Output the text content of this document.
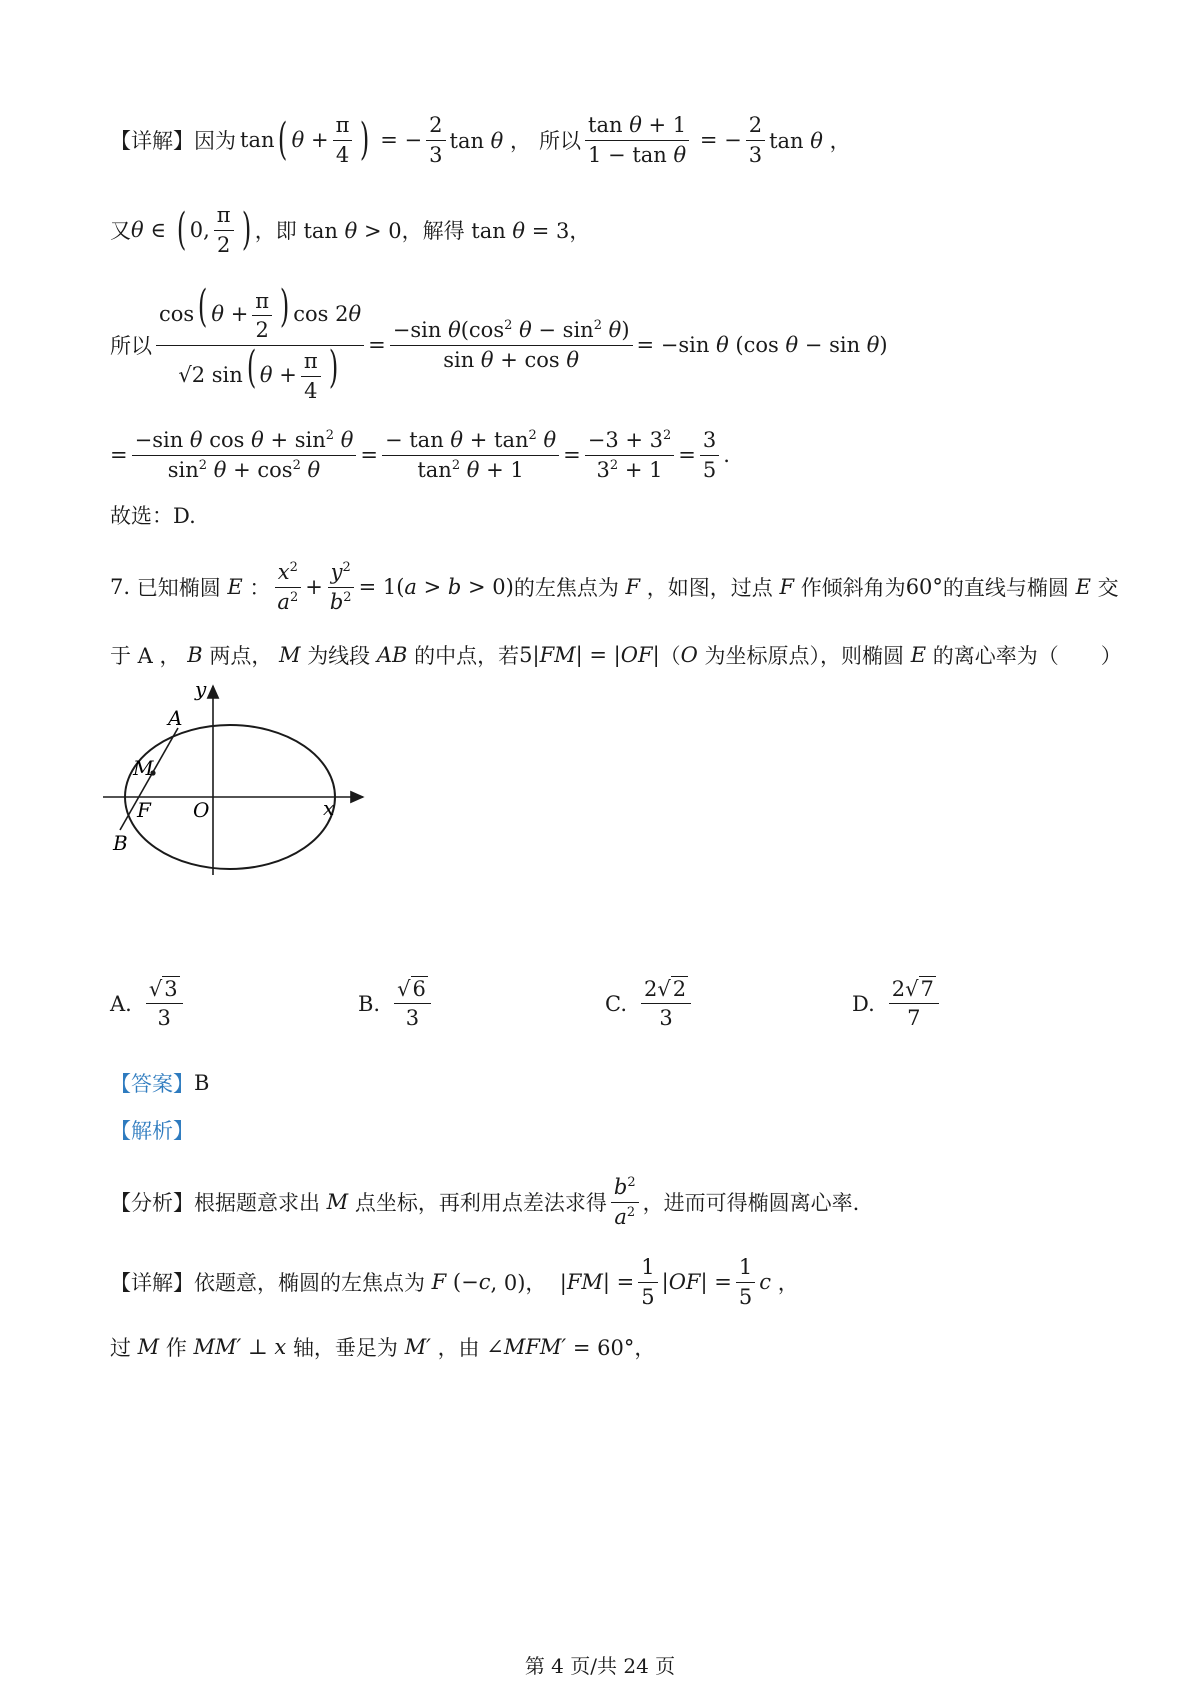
【详解】 因为 tan ( $\theta + \frac{\pi}{4}$ ) = − $\frac{2}{3}$ tan θ ， 所以 $\frac{\text{tan θ + 1}}{\text{1 − tan θ}}$ = − $\frac{2}{3}$ tan θ ，
又 θ ∈ ( 0, $\frac{\pi}{2}$ ) ， 即 tan θ > 0， 解得 tan θ = 3，
所以 $\frac{\cos( \theta + \frac{\pi}{2} ) \cos 2\theta}{√2 \sin( \theta + \frac{\pi}{4} )} = \frac{-\sin \theta(\cos^2 \theta - \sin^2 \theta)}{\text{sin θ + cos θ}} = -\sin$ θ (cos θ − sin θ)
= $\frac{-\sin \theta \cos \theta + \sin^2 \theta}{\sin^2 \theta + \cos^2 \theta} = \frac{- \tan \theta + \tan^2 \theta}{\tan^2 \theta + 1} = \frac{-3 + 3^2}{3^2 + 1} = \frac{3}{5}$ .
故选：D.
7.
已知椭圆 E ： $\frac{x^2}{a^2} + \frac{y^2}{b^2} = 1$( a > b > 0) 的左焦点为 F ，如图，过点 F 作倾斜角为 60° 的直线与椭圆 E 交
于 A ， B 两点， M 为线段 AB 的中点，若 5| FM | = | OF | （ O 为坐标原点），则椭圆 E 的离心率为（　　）
y
x
A
M
F O
B
A. $\frac{√3}{3}$	B. $\frac{√6}{3}$	C. $\frac{2√2}{3}$	D. $\frac{2√7}{7}$
【答案】 B
【解析】
【分析】 根据题意求出 M 点坐标，再利用点差法求得 $\frac{b^2}{a^2}$ ，进而可得椭圆离心率.
【详解】 依题意，椭圆的左焦点为 F (− c , 0)，  | FM | = $\frac{1}{5}$ | OF | = $\frac{1}{5}$ c ，
过 M 作 MM′ ⊥ x 轴，垂足为 M′ ，由 ∠ MFM′ = 60°，
第 4 页/共 24 页
